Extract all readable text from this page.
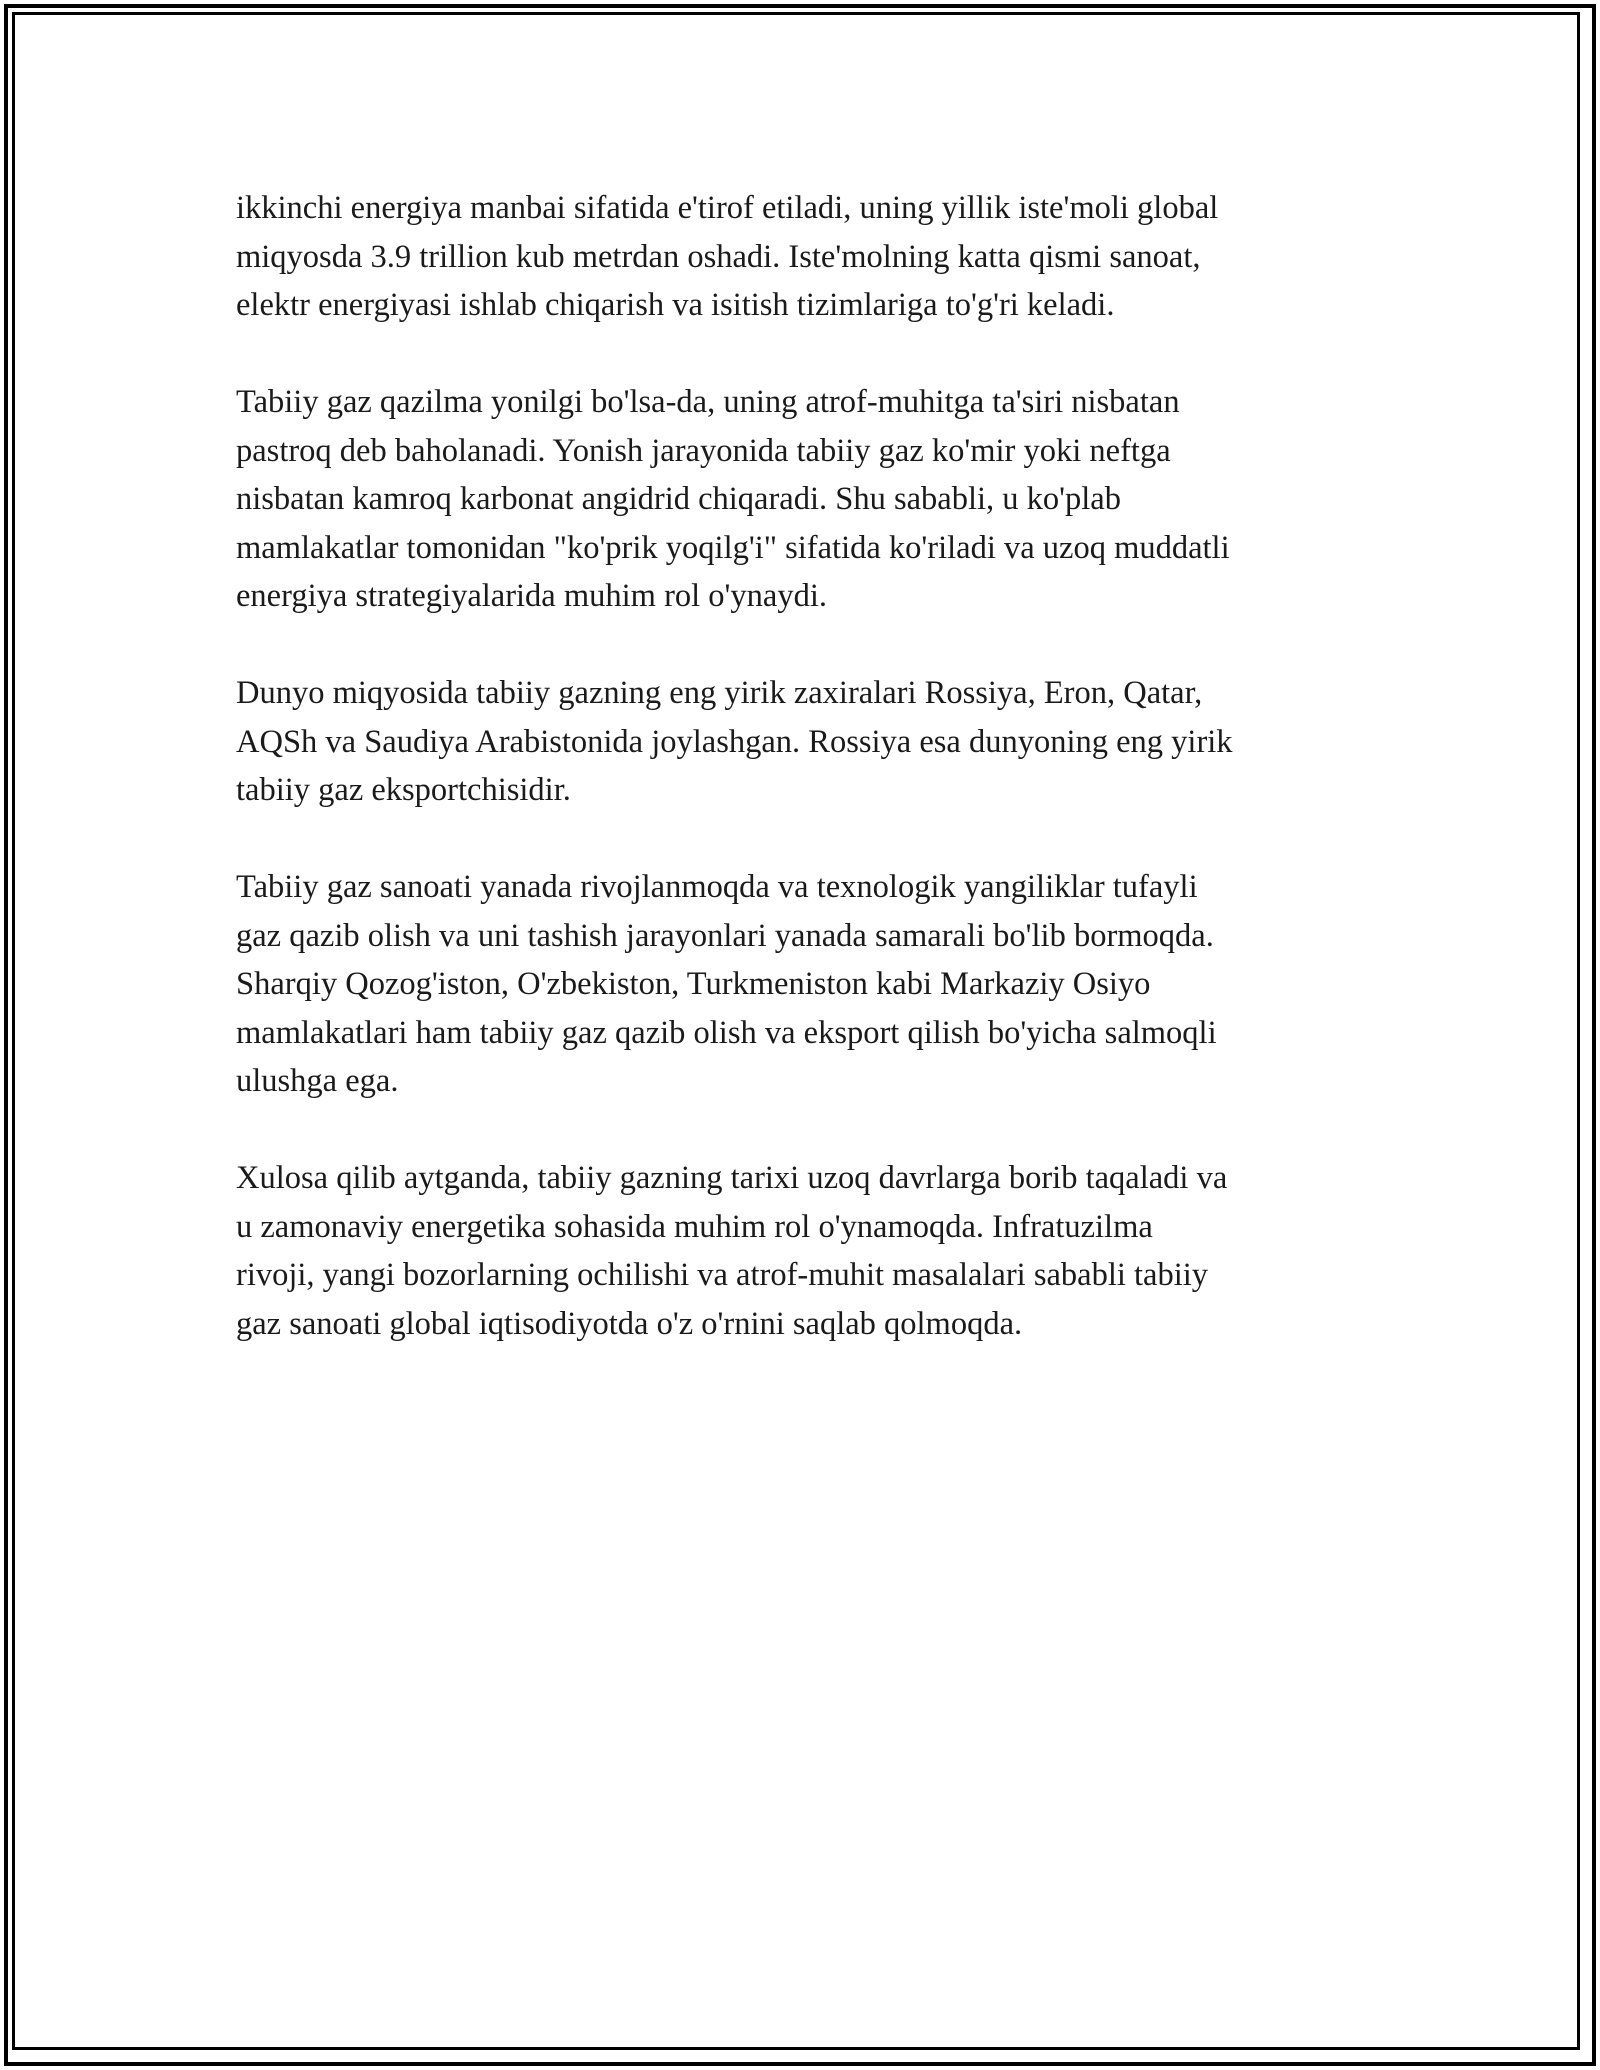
ikkinchi energiya manbai sifatida e'tirof etiladi, uning yillik iste'moli global
miqyosda 3.9 trillion kub metrdan oshadi. Iste'molning katta qismi sanoat,
elektr energiyasi ishlab chiqarish va isitish tizimlariga to'g'ri keladi.

Tabiiy gaz qazilma yonilgi bo'lsa-da, uning atrof-muhitga ta'siri nisbatan
pastroq deb baholanadi. Yonish jarayonida tabiiy gaz ko'mir yoki neftga
nisbatan kamroq karbonat angidrid chiqaradi. Shu sababli, u ko'plab
mamlakatlar tomonidan "ko'prik yoqilg'i" sifatida ko'riladi va uzoq muddatli
energiya strategiyalarida muhim rol o'ynaydi.

Dunyo miqyosida tabiiy gazning eng yirik zaxiralari Rossiya, Eron, Qatar,
AQSh va Saudiya Arabistonida joylashgan. Rossiya esa dunyoning eng yirik
tabiiy gaz eksportchisidir.

Tabiiy gaz sanoati yanada rivojlanmoqda va texnologik yangiliklar tufayli
gaz qazib olish va uni tashish jarayonlari yanada samarali bo'lib bormoqda.
Sharqiy Qozog'iston, O'zbekiston, Turkmeniston kabi Markaziy Osiyo
mamlakatlari ham tabiiy gaz qazib olish va eksport qilish bo'yicha salmoqli
ulushga ega.

Xulosa qilib aytganda, tabiiy gazning tarixi uzoq davrlarga borib taqaladi va
u zamonaviy energetika sohasida muhim rol o'ynamoqda. Infratuzilma
rivoji, yangi bozorlarning ochilishi va atrof-muhit masalalari sababli tabiiy
gaz sanoati global iqtisodiyotda o'z o'rnini saqlab qolmoqda.
